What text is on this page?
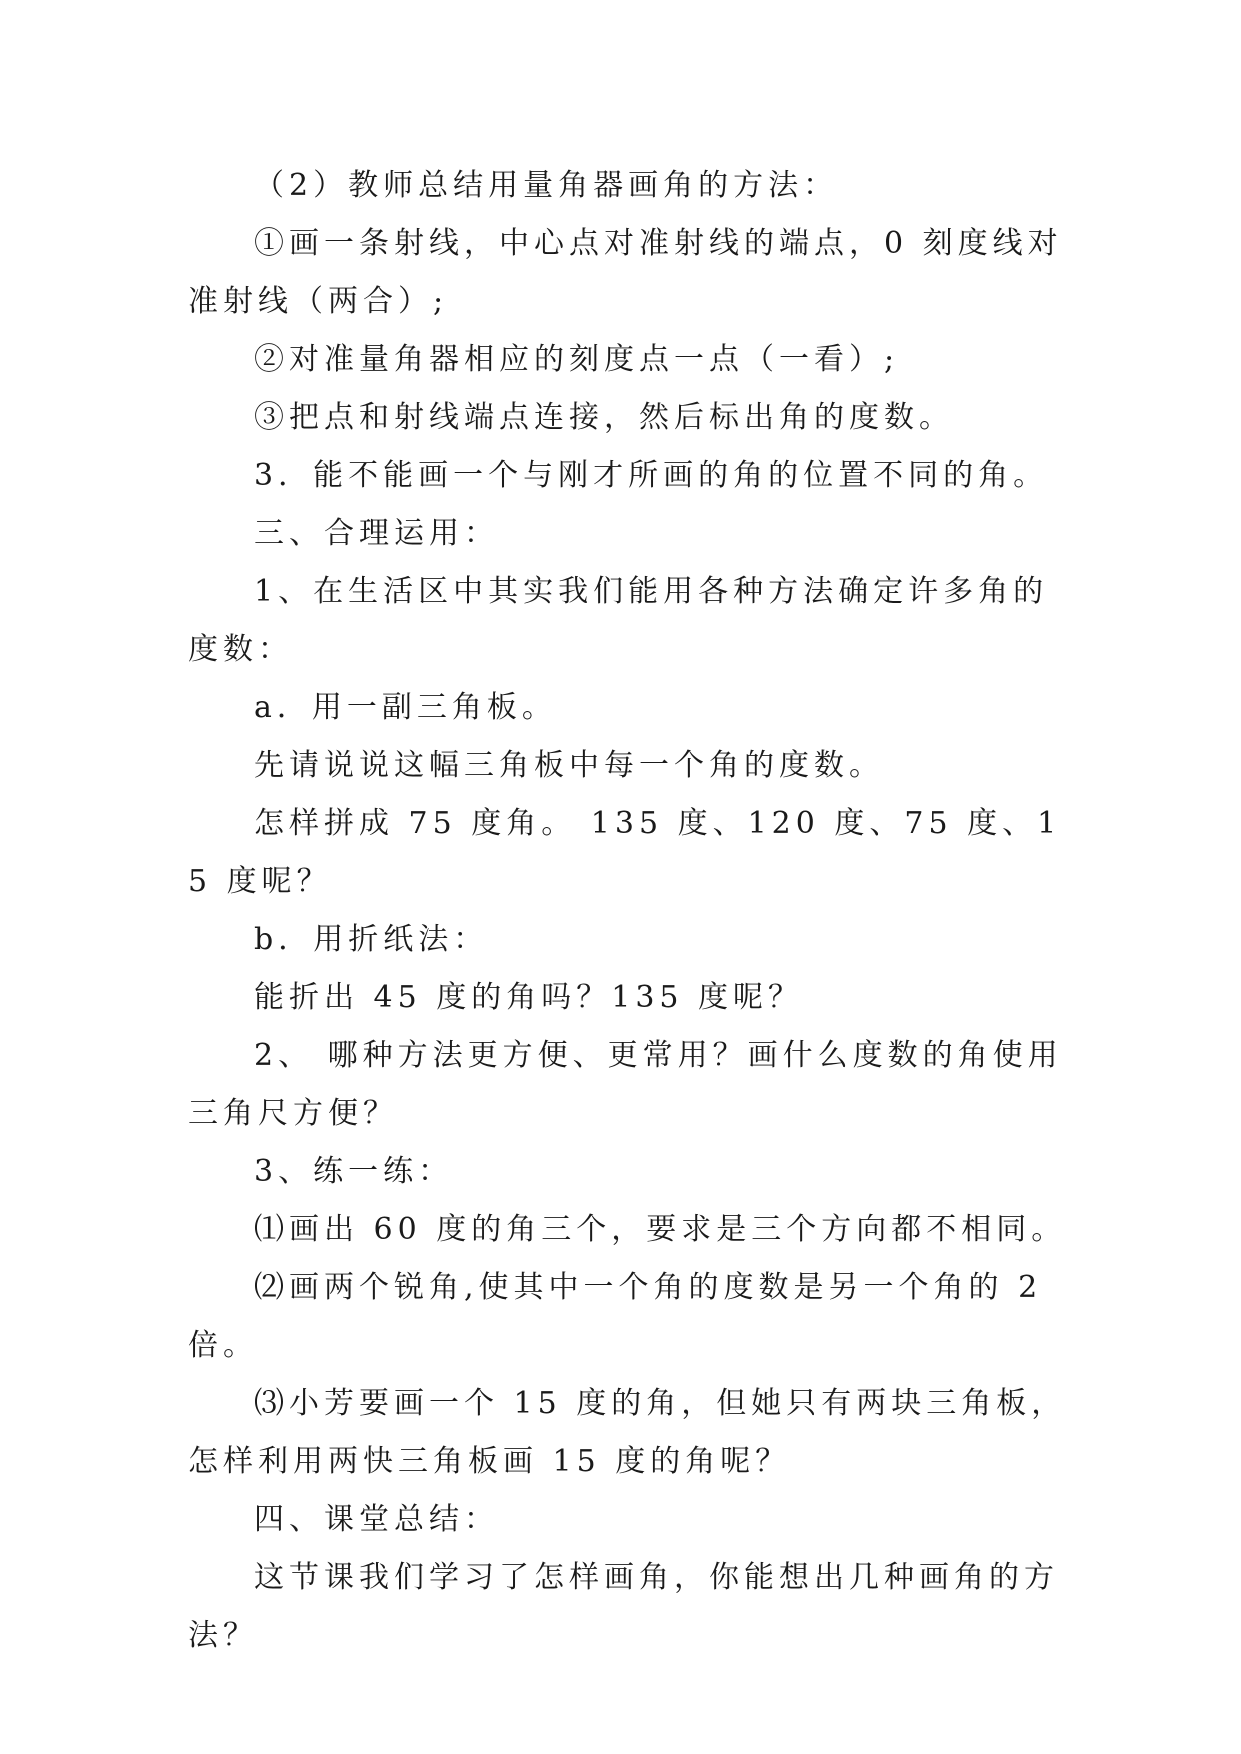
（2）教师总结用量角器画角的方法：

①画一条射线，中心点对准射线的端点，0 刻度线对准射线（两合）;

②对准量角器相应的刻度点一点（一看）;

③把点和射线端点连接，然后标出角的度数。

3．能不能画一个与刚才所画的角的位置不同的角。

三、合理运用：

1、在生活区中其实我们能用各种方法确定许多角的度数：

a．用一副三角板。

先请说说这幅三角板中每一个角的度数。

怎样拼成 75 度角。 135 度、120 度、75 度、15 度呢？

b．用折纸法：

能折出 45 度的角吗？135 度呢？

2、 哪种方法更方便、更常用？画什么度数的角使用三角尺方便？

3、练一练：

⑴画出 60 度的角三个，要求是三个方向都不相同。

⑵画两个锐角,使其中一个角的度数是另一个角的 2 倍。

⑶小芳要画一个 15 度的角，但她只有两块三角板，怎样利用两快三角板画 15 度的角呢？

四、课堂总结：

这节课我们学习了怎样画角，你能想出几种画角的方法？
